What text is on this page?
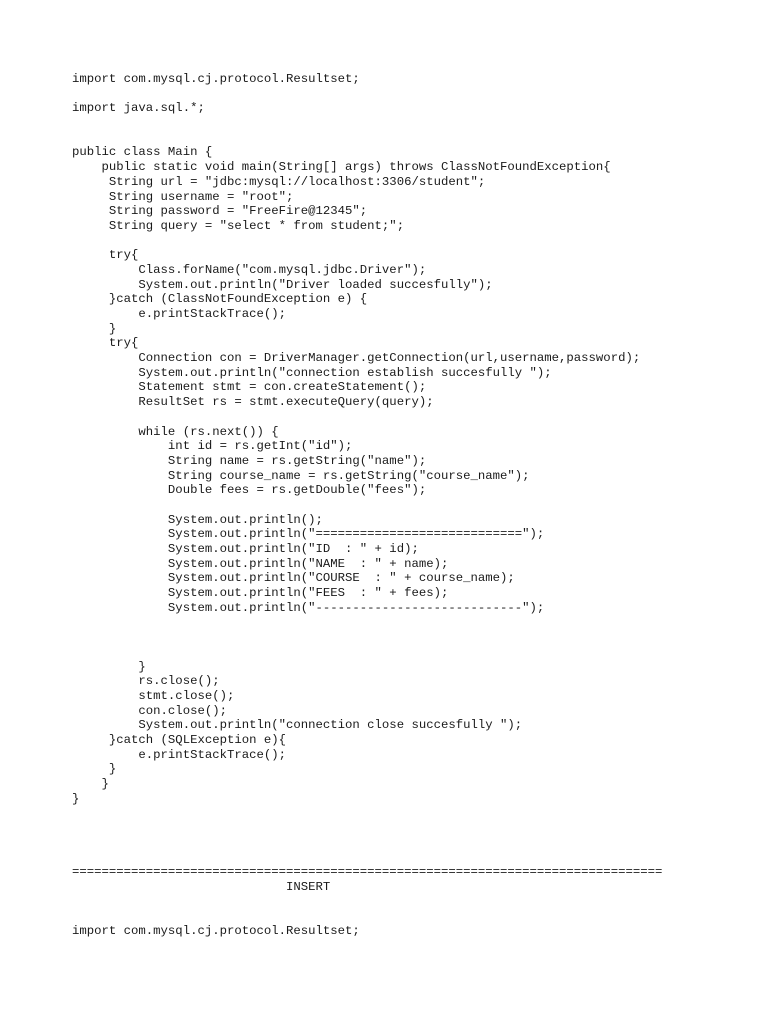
import com.mysql.cj.protocol.Resultset;
import java.sql.*;
public class Main {
public static void main(String[] args) throws ClassNotFoundException{
String url = "jdbc:mysql://localhost:3306/student";
String username = "root";
String password = "FreeFire@12345";
String query = "select * from student;";
try{
Class.forName("com.mysql.jdbc.Driver");
System.out.println("Driver loaded succesfully");
}catch (ClassNotFoundException e) {
e.printStackTrace();
}
try{
Connection con = DriverManager.getConnection(url,username,password);
System.out.println("connection establish succesfully ");
Statement stmt = con.createStatement();
ResultSet rs = stmt.executeQuery(query);
while (rs.next()) {
int id = rs.getInt("id");
String name = rs.getString("name");
String course_name = rs.getString("course_name");
Double fees = rs.getDouble("fees");
System.out.println();
System.out.println("============================");
System.out.println("ID  : " + id);
System.out.println("NAME  : " + name);
System.out.println("COURSE  : " + course_name);
System.out.println("FEES  : " + fees);
System.out.println("----------------------------");
}
rs.close();
stmt.close();
con.close();
System.out.println("connection close succesfully ");
}catch (SQLException e){
e.printStackTrace();
}
}
}
================================================================================
INSERT
import com.mysql.cj.protocol.Resultset;
